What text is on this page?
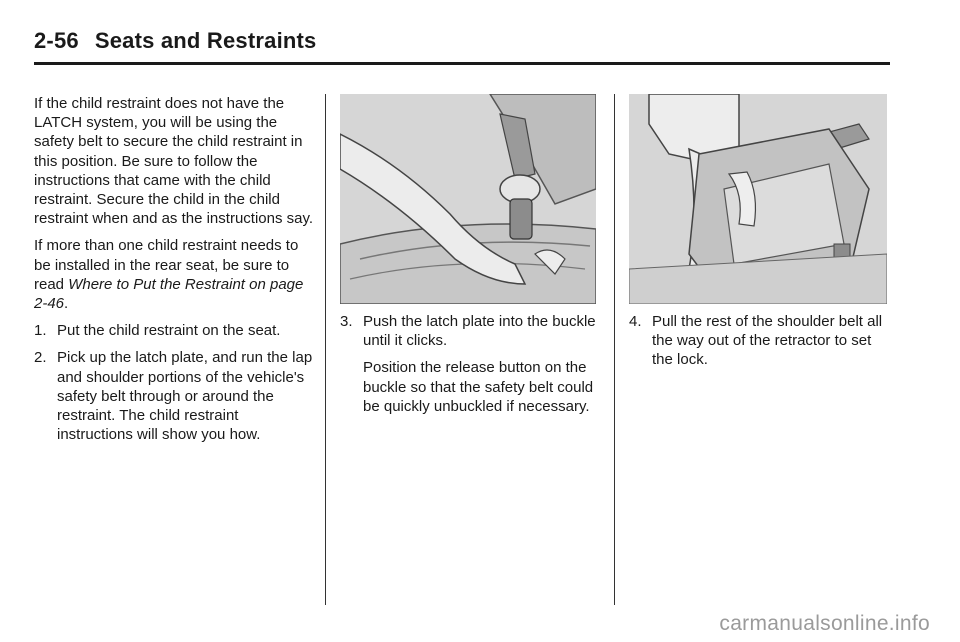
2-56 Seats and Restraints

If the child restraint does not have the LATCH system, you will be using the safety belt to secure the child restraint in this position. Be sure to follow the instructions that came with the child restraint. Secure the child in the child restraint when and as the instructions say.

If more than one child restraint needs to be installed in the rear seat, be sure to read Where to Put the Restraint on page 2-46.

1. Put the child restraint on the seat.
2. Pick up the latch plate, and run the lap and shoulder portions of the vehicle's safety belt through or around the restraint. The child restraint instructions will show you how.
3. Push the latch plate into the buckle until it clicks.

Position the release button on the buckle so that the safety belt could be quickly unbuckled if necessary.

4. Pull the rest of the shoulder belt all the way out of the retractor to set the lock.
carmanualsonline.info
